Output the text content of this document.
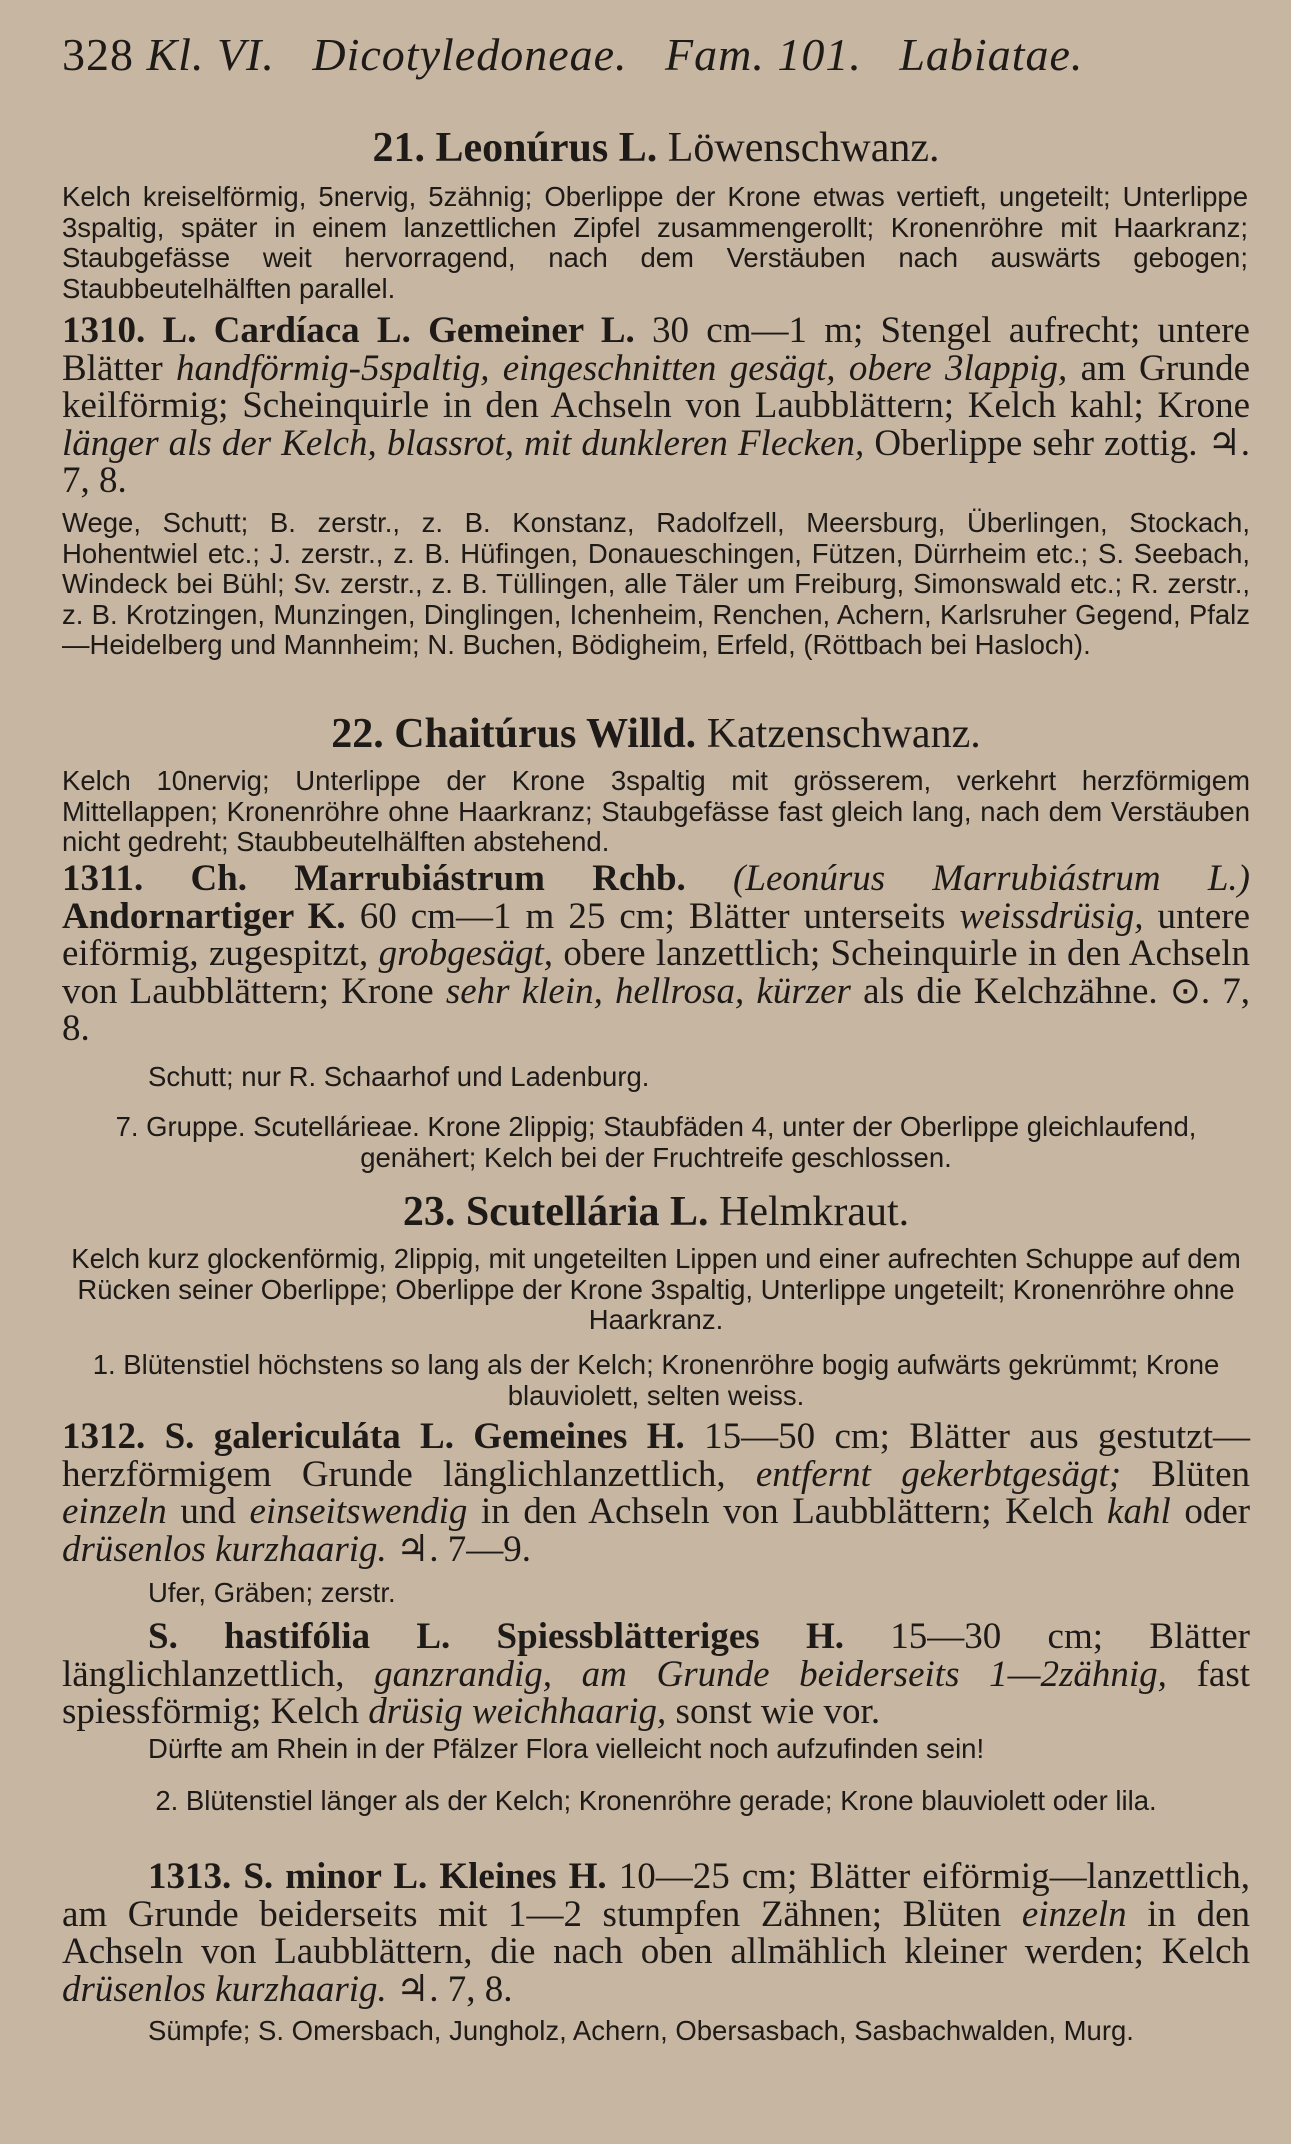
328 Kl. VI.   Dicotyledoneae.   Fam. 101.   Labiatae.
21. Leonúrus L. Löwenschwanz.
Kelch kreiselförmig, 5nervig, 5zähnig; Oberlippe der Krone etwas vertieft, ungeteilt; Unterlippe 3spaltig, später in einem lanzettlichen Zipfel zusammengerollt; Kronenröhre mit Haarkranz; Staubgefässe weit hervorragend, nach dem Verstäuben nach auswärts gebogen; Staubbeutelhälften parallel.
1310. L. Cardíaca L. Gemeiner L. 30 cm—1 m; Stengel aufrecht; untere Blätter handförmig-5spaltig, eingeschnitten gesägt, obere 3lappig, am Grunde keilförmig; Scheinquirle in den Achseln von Laubblättern; Kelch kahl; Krone länger als der Kelch, blassrot, mit dunkleren Flecken, Oberlippe sehr zottig. ♃. 7, 8.
Wege, Schutt; B. zerstr., z. B. Konstanz, Radolfzell, Meersburg, Überlingen, Stockach, Hohentwiel etc.; J. zerstr., z. B. Hüfingen, Donaueschingen, Fützen, Dürrheim etc.; S. Seebach, Windeck bei Bühl; Sv. zerstr., z. B. Tüllingen, alle Täler um Freiburg, Simonswald etc.; R. zerstr., z. B. Krotzingen, Munzingen, Dinglingen, Ichenheim, Renchen, Achern, Karlsruher Gegend, Pfalz—Heidelberg und Mannheim; N. Buchen, Bödigheim, Erfeld, (Röttbach bei Hasloch).
22. Chaitúrus Willd. Katzenschwanz.
Kelch 10nervig; Unterlippe der Krone 3spaltig mit grösserem, verkehrt herzförmigem Mittellappen; Kronenröhre ohne Haarkranz; Staubgefässe fast gleich lang, nach dem Verstäuben nicht gedreht; Staubbeutelhälften abstehend.
1311. Ch. Marrubiástrum Rchb. (Leonúrus Marrubiástrum L.) Andornartiger K. 60 cm—1 m 25 cm; Blätter unterseits weissdrüsig, untere eiförmig, zugespitzt, grobgesägt, obere lanzettlich; Scheinquirle in den Achseln von Laubblättern; Krone sehr klein, hellrosa, kürzer als die Kelchzähne. ⊙. 7, 8.
Schutt; nur R. Schaarhof und Ladenburg.
7. Gruppe. Scutellárieae. Krone 2lippig; Staubfäden 4, unter der Oberlippe gleichlaufend, genähert; Kelch bei der Fruchtreife geschlossen.
23. Scutellária L. Helmkraut.
Kelch kurz glockenförmig, 2lippig, mit ungeteilten Lippen und einer aufrechten Schuppe auf dem Rücken seiner Oberlippe; Oberlippe der Krone 3spaltig, Unterlippe ungeteilt; Kronenröhre ohne Haarkranz.
1. Blütenstiel höchstens so lang als der Kelch; Kronenröhre bogig aufwärts gekrümmt; Krone blauviolett, selten weiss.
1312. S. galericuláta L. Gemeines H. 15—50 cm; Blätter aus gestutzt—herzförmigem Grunde länglichlanzettlich, entfernt gekerbtgesägt; Blüten einzeln und einseitswendig in den Achseln von Laubblättern; Kelch kahl oder drüsenlos kurzhaarig. ♃. 7—9.
Ufer, Gräben; zerstr.
S. hastifólia L. Spiessblätteriges H. 15—30 cm; Blätter länglichlanzettlich, ganzrandig, am Grunde beiderseits 1—2zähnig, fast spiessförmig; Kelch drüsig weichhaarig, sonst wie vor.
Dürfte am Rhein in der Pfälzer Flora vielleicht noch aufzufinden sein!
2. Blütenstiel länger als der Kelch; Kronenröhre gerade; Krone blauviolett oder lila.
1313. S. minor L. Kleines H. 10—25 cm; Blätter eiförmig—lanzettlich, am Grunde beiderseits mit 1—2 stumpfen Zähnen; Blüten einzeln in den Achseln von Laubblättern, die nach oben allmählich kleiner werden; Kelch drüsenlos kurzhaarig. ♃. 7, 8.
Sümpfe; S. Omersbach, Jungholz, Achern, Obersasbach, Sasbachwalden, Murg.
